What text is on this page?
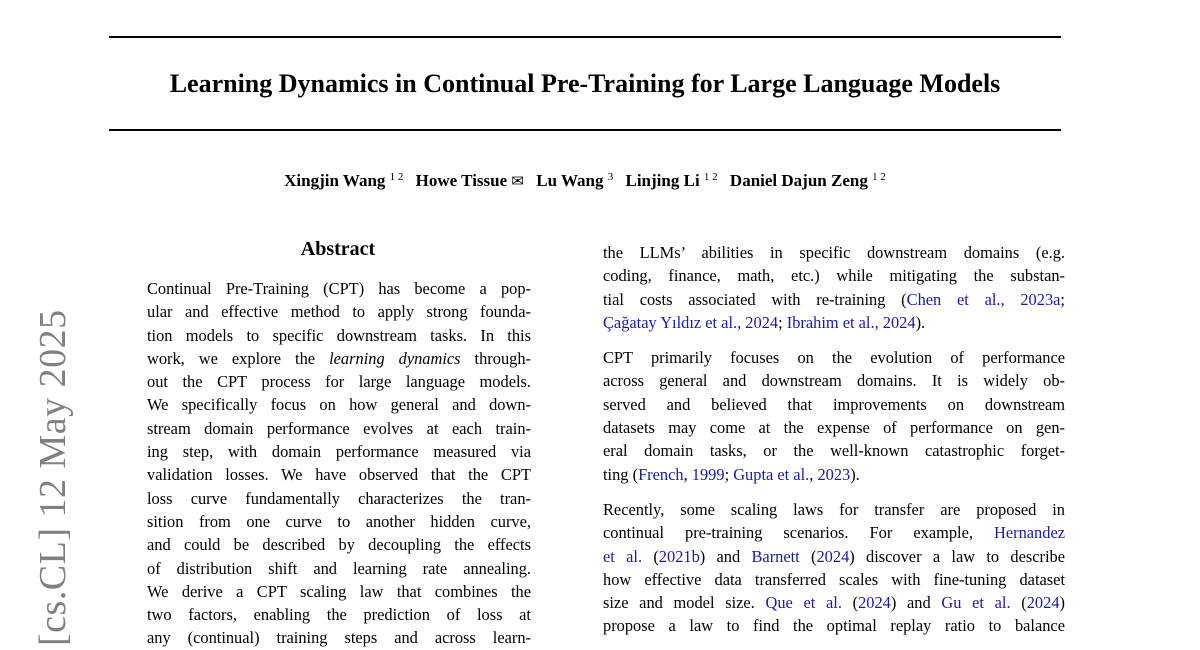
Learning Dynamics in Continual Pre-Training for Large Language Models
Xingjin Wang $^{1 2}$ Howe Tissue ✉ Lu Wang $^3$ Linjing Li $^{1 2}$ Daniel Dajun Zeng $^{1 2}$
[cs.CL] 12 May 2025
Abstract
Continual Pre-Training (CPT) has become a pop-
ular and effective method to apply strong founda-
tion models to specific downstream tasks. In this
work, we explore the learning dynamics through-
out the CPT process for large language models.
We specifically focus on how general and down-
stream domain performance evolves at each train-
ing step, with domain performance measured via
validation losses. We have observed that the CPT
loss curve fundamentally characterizes the tran-
sition from one curve to another hidden curve,
and could be described by decoupling the effects
of distribution shift and learning rate annealing.
We derive a CPT scaling law that combines the
two factors, enabling the prediction of loss at
any (continual) training steps and across learn-
the LLMs’ abilities in specific downstream domains (e.g.
coding, finance, math, etc.) while mitigating the substan-
tial costs associated with re-training (Chen et al., 2023a;
Çağatay Yıldız et al., 2024; Ibrahim et al., 2024).
CPT primarily focuses on the evolution of performance
across general and downstream domains. It is widely ob-
served and believed that improvements on downstream
datasets may come at the expense of performance on gen-
eral domain tasks, or the well-known catastrophic forget-
ting (French, 1999; Gupta et al., 2023).
Recently, some scaling laws for transfer are proposed in
continual pre-training scenarios. For example, Hernandez
et al. (2021b) and Barnett (2024) discover a law to describe
how effective data transferred scales with fine-tuning dataset
size and model size. Que et al. (2024) and Gu et al. (2024)
propose a law to find the optimal replay ratio to balance
